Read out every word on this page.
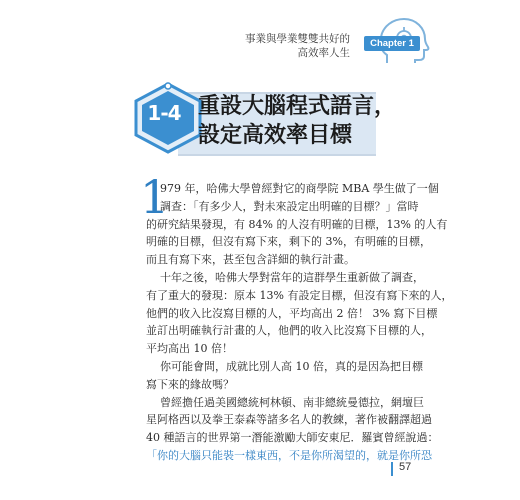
事業與學業雙雙共好的
高效率人生
Chapter 1
1-4 重設大腦程式語言，
設定高效率目標
1
979 年，哈佛大學曾經對它的商學院 MBA 學生做了一個
調查：「有多少人，對未來設定出明確的目標？」當時
的研究結果發現，有 84% 的人沒有明確的目標，13% 的人有
明確的目標，但沒有寫下來，剩下的 3%，有明確的目標，
而且有寫下來，甚至包含詳細的執行計畫。
十年之後，哈佛大學對當年的這群學生重新做了調查，
有了重大的發現：原本 13% 有設定目標，但沒有寫下來的人，
他們的收入比沒寫目標的人，平均高出 2 倍！ 3% 寫下目標
並訂出明確執行計畫的人，他們的收入比沒寫下目標的人，
平均高出 10 倍！
你可能會問，成就比別人高 10 倍，真的是因為把目標
寫下來的緣故嗎？
曾經擔任過美國總統柯林頓、南非總統曼德拉，網壇巨
星阿格西以及拳王泰森等諸多名人的教練，著作被翻譯超過
40 種語言的世界第一潛能激勵大師安東尼．羅賓曾經說過：
「你的大腦只能裝一樣東西，不是你所渴望的，就是你所恐
57
